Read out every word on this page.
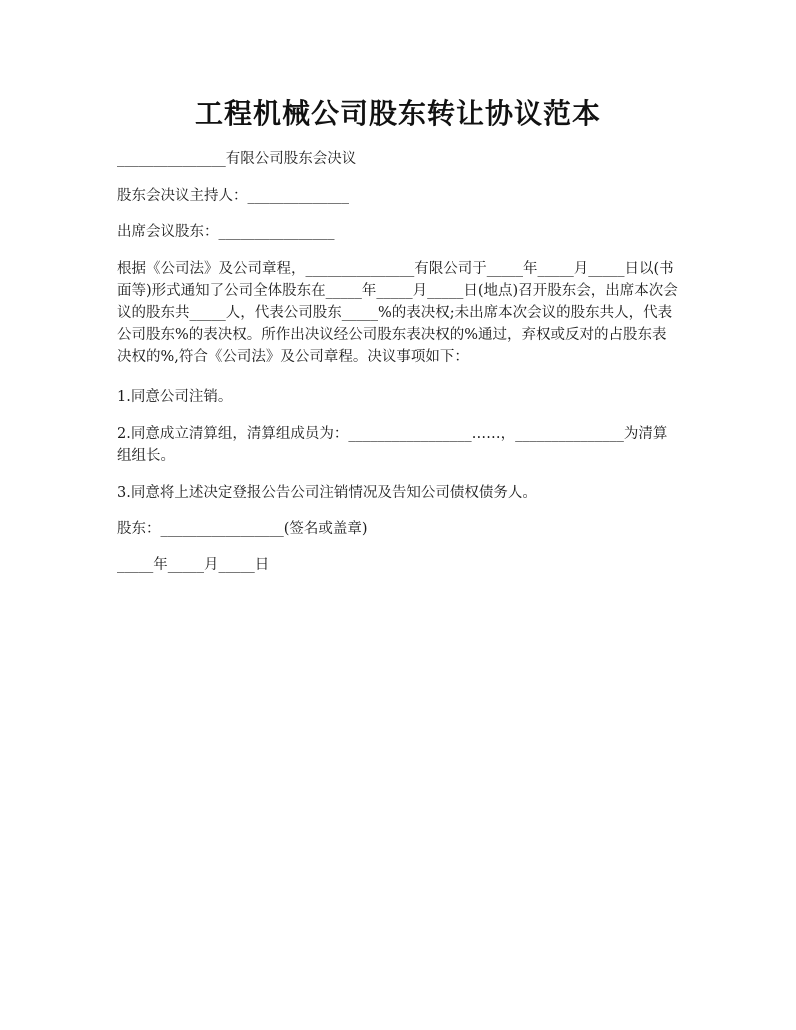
工程机械公司股东转让协议范本

_______________有限公司股东会决议

股东会决议主持人：______________

出席会议股东：________________

根据《公司法》及公司章程，_______________有限公司于_____年_____月_____日以(书面等)形式通知了公司全体股东在_____年_____月_____日(地点)召开股东会，出席本次会议的股东共_____人，代表公司股东_____%的表决权;未出席本次会议的股东共人，代表公司股东%的表决权。所作出决议经公司股东表决权的%通过，弃权或反对的占股东表决权的%,符合《公司法》及公司章程。决议事项如下：

1.同意公司注销。

2.同意成立清算组，清算组成员为：_________________……，_______________为清算组组长。

3.同意将上述决定登报公告公司注销情况及告知公司债权债务人。

股东：_________________(签名或盖章)

_____年_____月_____日
